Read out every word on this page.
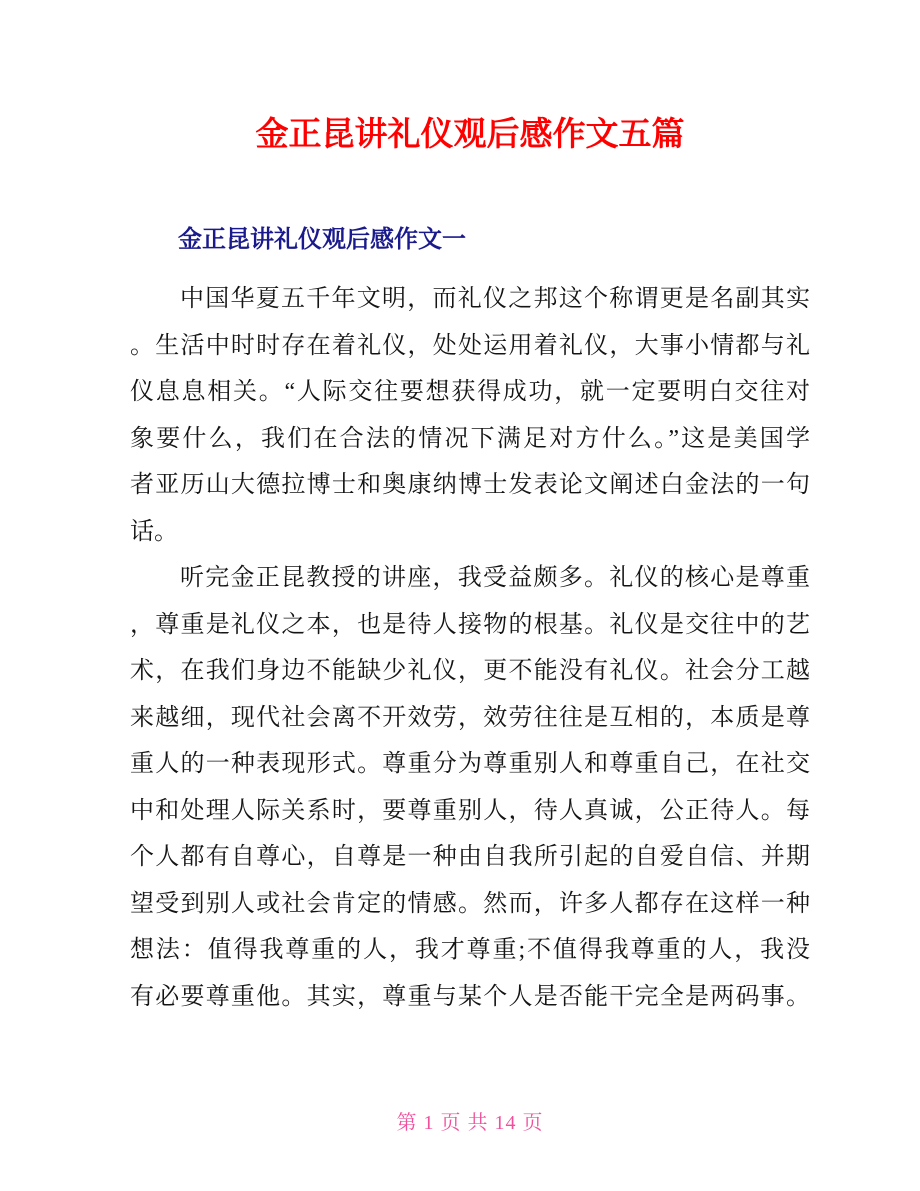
金正昆讲礼仪观后感作文五篇
金正昆讲礼仪观后感作文一
中国华夏五千年文明，而礼仪之邦这个称谓更是名副其实
。生活中时时存在着礼仪，处处运用着礼仪，大事小情都与礼
仪息息相关。“人际交往要想获得成功，就一定要明白交往对
象要什么，我们在合法的情况下满足对方什么。”这是美国学
者亚历山大德拉博士和奥康纳博士发表论文阐述白金法的一句
话。
听完金正昆教授的讲座，我受益颇多。礼仪的核心是尊重
，尊重是礼仪之本，也是待人接物的根基。礼仪是交往中的艺
术，在我们身边不能缺少礼仪，更不能没有礼仪。社会分工越
来越细，现代社会离不开效劳，效劳往往是互相的，本质是尊
重人的一种表现形式。尊重分为尊重别人和尊重自己，在社交
中和处理人际关系时，要尊重别人，待人真诚，公正待人。每
个人都有自尊心，自尊是一种由自我所引起的自爱自信、并期
望受到别人或社会肯定的情感。然而，许多人都存在这样一种
想法：值得我尊重的人，我才尊重;不值得我尊重的人，我没
有必要尊重他。其实，尊重与某个人是否能干完全是两码事。
第 1 页 共 14 页
